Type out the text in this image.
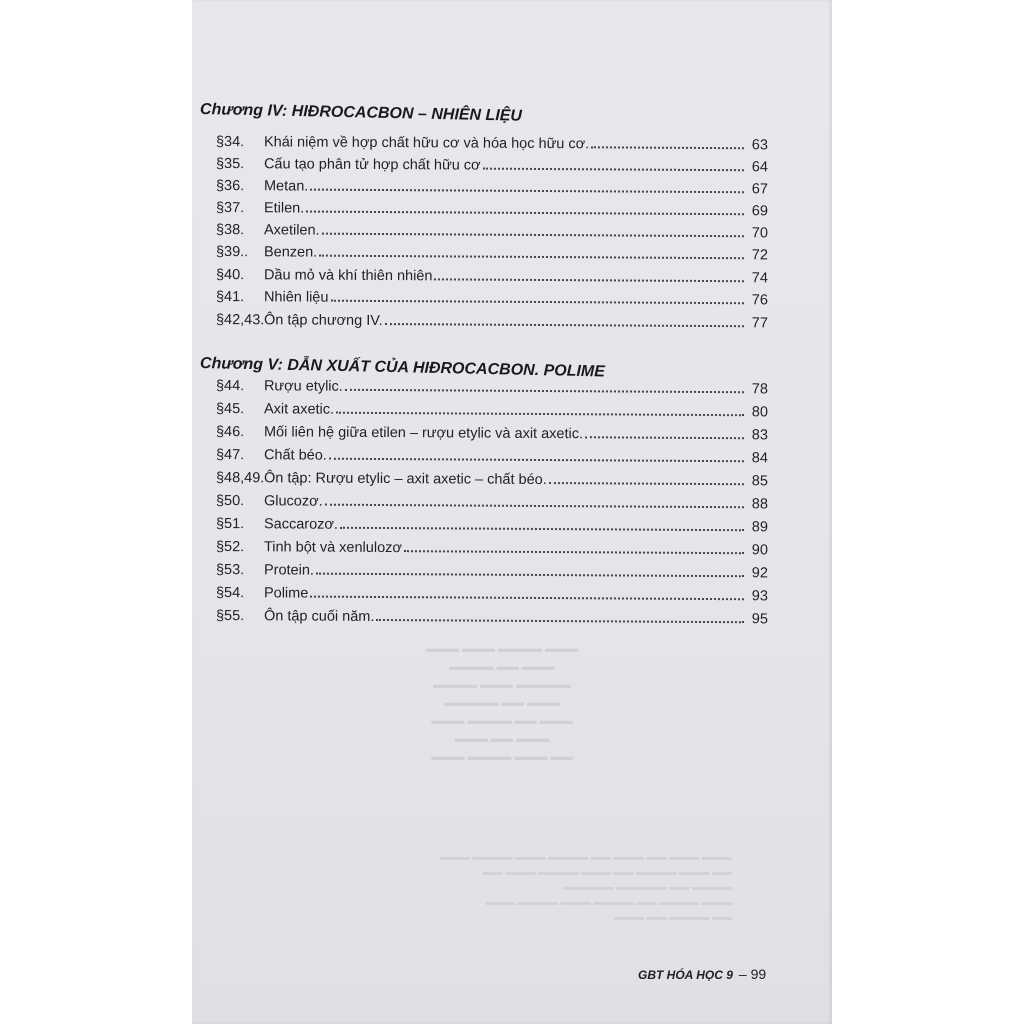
▬▬▬ ▬▬▬▬ ▬▬▬ ▬▬▬
▬▬▬ ▬▬ ▬▬▬▬
▬▬▬▬▬ ▬▬▬ ▬▬▬▬
▬▬▬ ▬▬ ▬▬▬▬▬
▬▬▬ ▬▬ ▬▬▬▬ ▬▬▬
▬▬▬ ▬▬ ▬▬▬
▬▬ ▬▬▬ ▬▬▬▬ ▬▬▬
▬▬▬ ▬▬▬ ▬▬ ▬▬▬ ▬▬ ▬▬▬▬ ▬▬▬ ▬▬▬▬ ▬▬▬
▬▬ ▬▬▬ ▬▬▬▬ ▬▬ ▬▬▬ ▬▬▬▬ ▬▬▬ ▬▬
▬▬▬▬ ▬▬ ▬▬▬▬▬ ▬▬▬▬▬
▬▬▬ ▬▬▬▬ ▬▬ ▬▬▬▬ ▬▬▬ ▬▬▬▬ ▬▬▬
▬▬ ▬▬▬▬ ▬▬ ▬▬▬
Chương IV: HIĐROCACBON – NHIÊN LIỆU
§34.	Khái niệm về hợp chất hữu cơ và hóa học hữu cơ.	63
§35.	Cấu tạo phân tử hợp chất hữu cơ	64
§36.	Metan.	67
§37.	Etilen.	69
§38.	Axetilen.	70
§39..	Benzen.	72
§40.	Dầu mỏ và khí thiên nhiên	74
§41.	Nhiên liệu	76
§42,43. Ôn tập chương IV.	77
Chương V: DẪN XUẤT CỦA HIĐROCACBON. POLIME
§44.	Rượu etylic.	78
§45.	Axit axetic.	80
§46.	Mối liên hệ giữa etilen – rượu etylic và axit axetic.	83
§47.	Chất béo.	84
§48,49. Ôn tập: Rượu etylic – axit axetic – chất béo.	85
§50.	Glucozơ.	88
§51.	Saccarozơ.	89
§52.	Tinh bột và xenlulozơ	90
§53.	Protein.	92
§54.	Polime	93
§55.	Ôn tập cuối năm.	95
GBT HÓA HỌC 9 – 99
